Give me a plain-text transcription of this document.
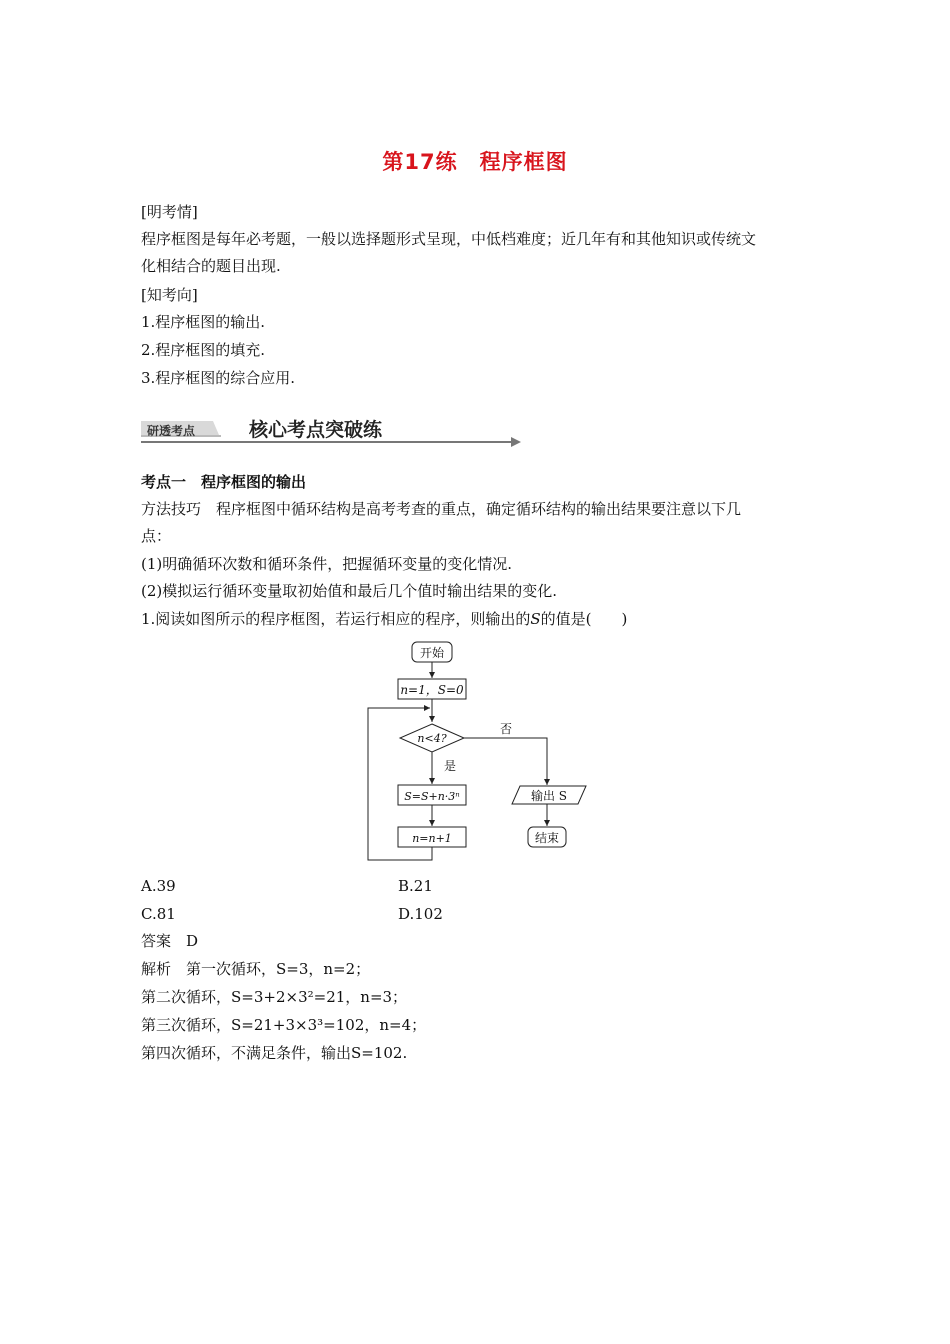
第17练　程序框图
[明考情]
程序框图是每年必考题，一般以选择题形式呈现，中低档难度；近几年有和其他知识或传统文
化相结合的题目出现.
[知考向]
1.程序框图的输出.
2.程序框图的填充.
3.程序框图的综合应用.
研透考点	核心考点突破练
考点一　程序框图的输出
方法技巧　程序框图中循环结构是高考考查的重点，确定循环结构的输出结果要注意以下几
点：
(1)明确循环次数和循环条件，把握循环变量的变化情况.
(2)模拟运行循环变量取初始值和最后几个值时输出结果的变化.
1.阅读如图所示的程序框图，若运行相应的程序，则输出的S的值是(　　)
开始
n=1，S=0
n<4?
是
否
S=S+n·3ⁿ
n=n+1
输出 S
结束
A.39	B.21
C.81	D.102
答案　D
解析　第一次循环，S=3，n=2；
第二次循环，S=3+2×3²=21，n=3；
第三次循环，S=21+3×3³=102，n=4；
第四次循环，不满足条件，输出S=102.
